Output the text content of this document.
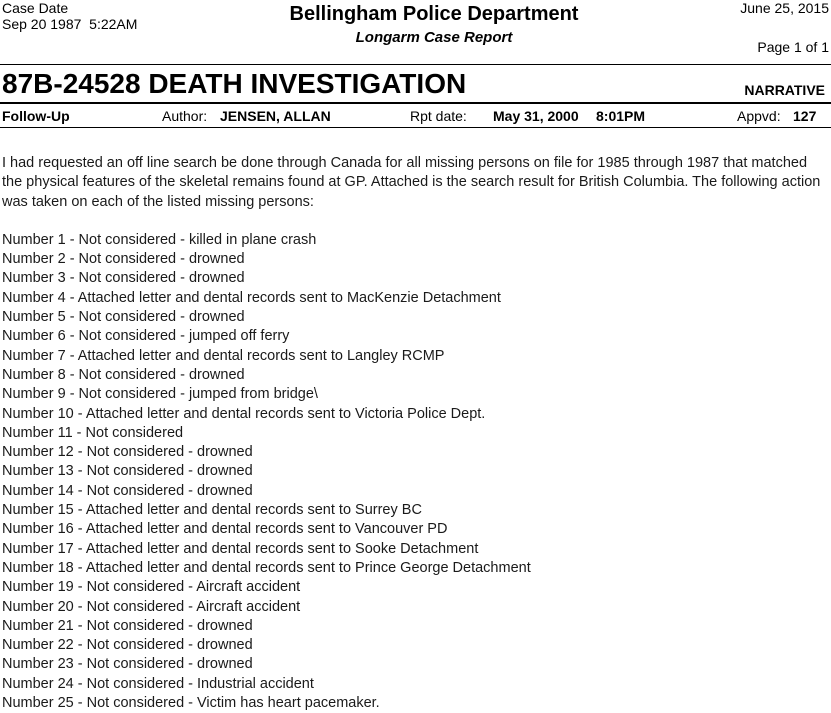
Case Date
Sep 20 1987  5:22AM	Bellingham Police Department
Longarm Case Report
June 25, 2015
Page 1 of 1
87B-24528 DEATH INVESTIGATION	NARRATIVE
Follow-Up	Author: JENSEN, ALLAN	Rpt date: May 31, 2000 8:01PM	Appvd: 127

I had requested an off line search be done through Canada for all missing persons on file for 1985 through 1987 that matched the physical features of the skeletal remains found at GP. Attached is the search result for British Columbia. The following action was taken on each of the listed missing persons:

Number 1 - Not considered - killed in plane crash
Number 2 - Not considered - drowned
Number 3 - Not considered - drowned
Number 4 - Attached letter and dental records sent to MacKenzie Detachment
Number 5 - Not considered - drowned
Number 6 - Not considered - jumped off ferry
Number 7 - Attached letter and dental records sent to Langley RCMP
Number 8 - Not considered - drowned
Number 9 - Not considered - jumped from bridge\
Number 10 - Attached letter and dental records sent to Victoria Police Dept.
Number 11 - Not considered
Number 12 - Not considered - drowned
Number 13 - Not considered - drowned
Number 14 - Not considered - drowned
Number 15 - Attached letter and dental records sent to Surrey BC
Number 16 - Attached letter and dental records sent to Vancouver PD
Number 17 - Attached letter and dental records sent to Sooke Detachment
Number 18 - Attached letter and dental records sent to Prince George Detachment
Number 19 - Not considered - Aircraft accident
Number 20 - Not considered - Aircraft accident
Number 21 - Not considered - drowned
Number 22 - Not considered - drowned
Number 23 - Not considered - drowned
Number 24 - Not considered - Industrial accident
Number 25 - Not considered - Victim has heart pacemaker.
